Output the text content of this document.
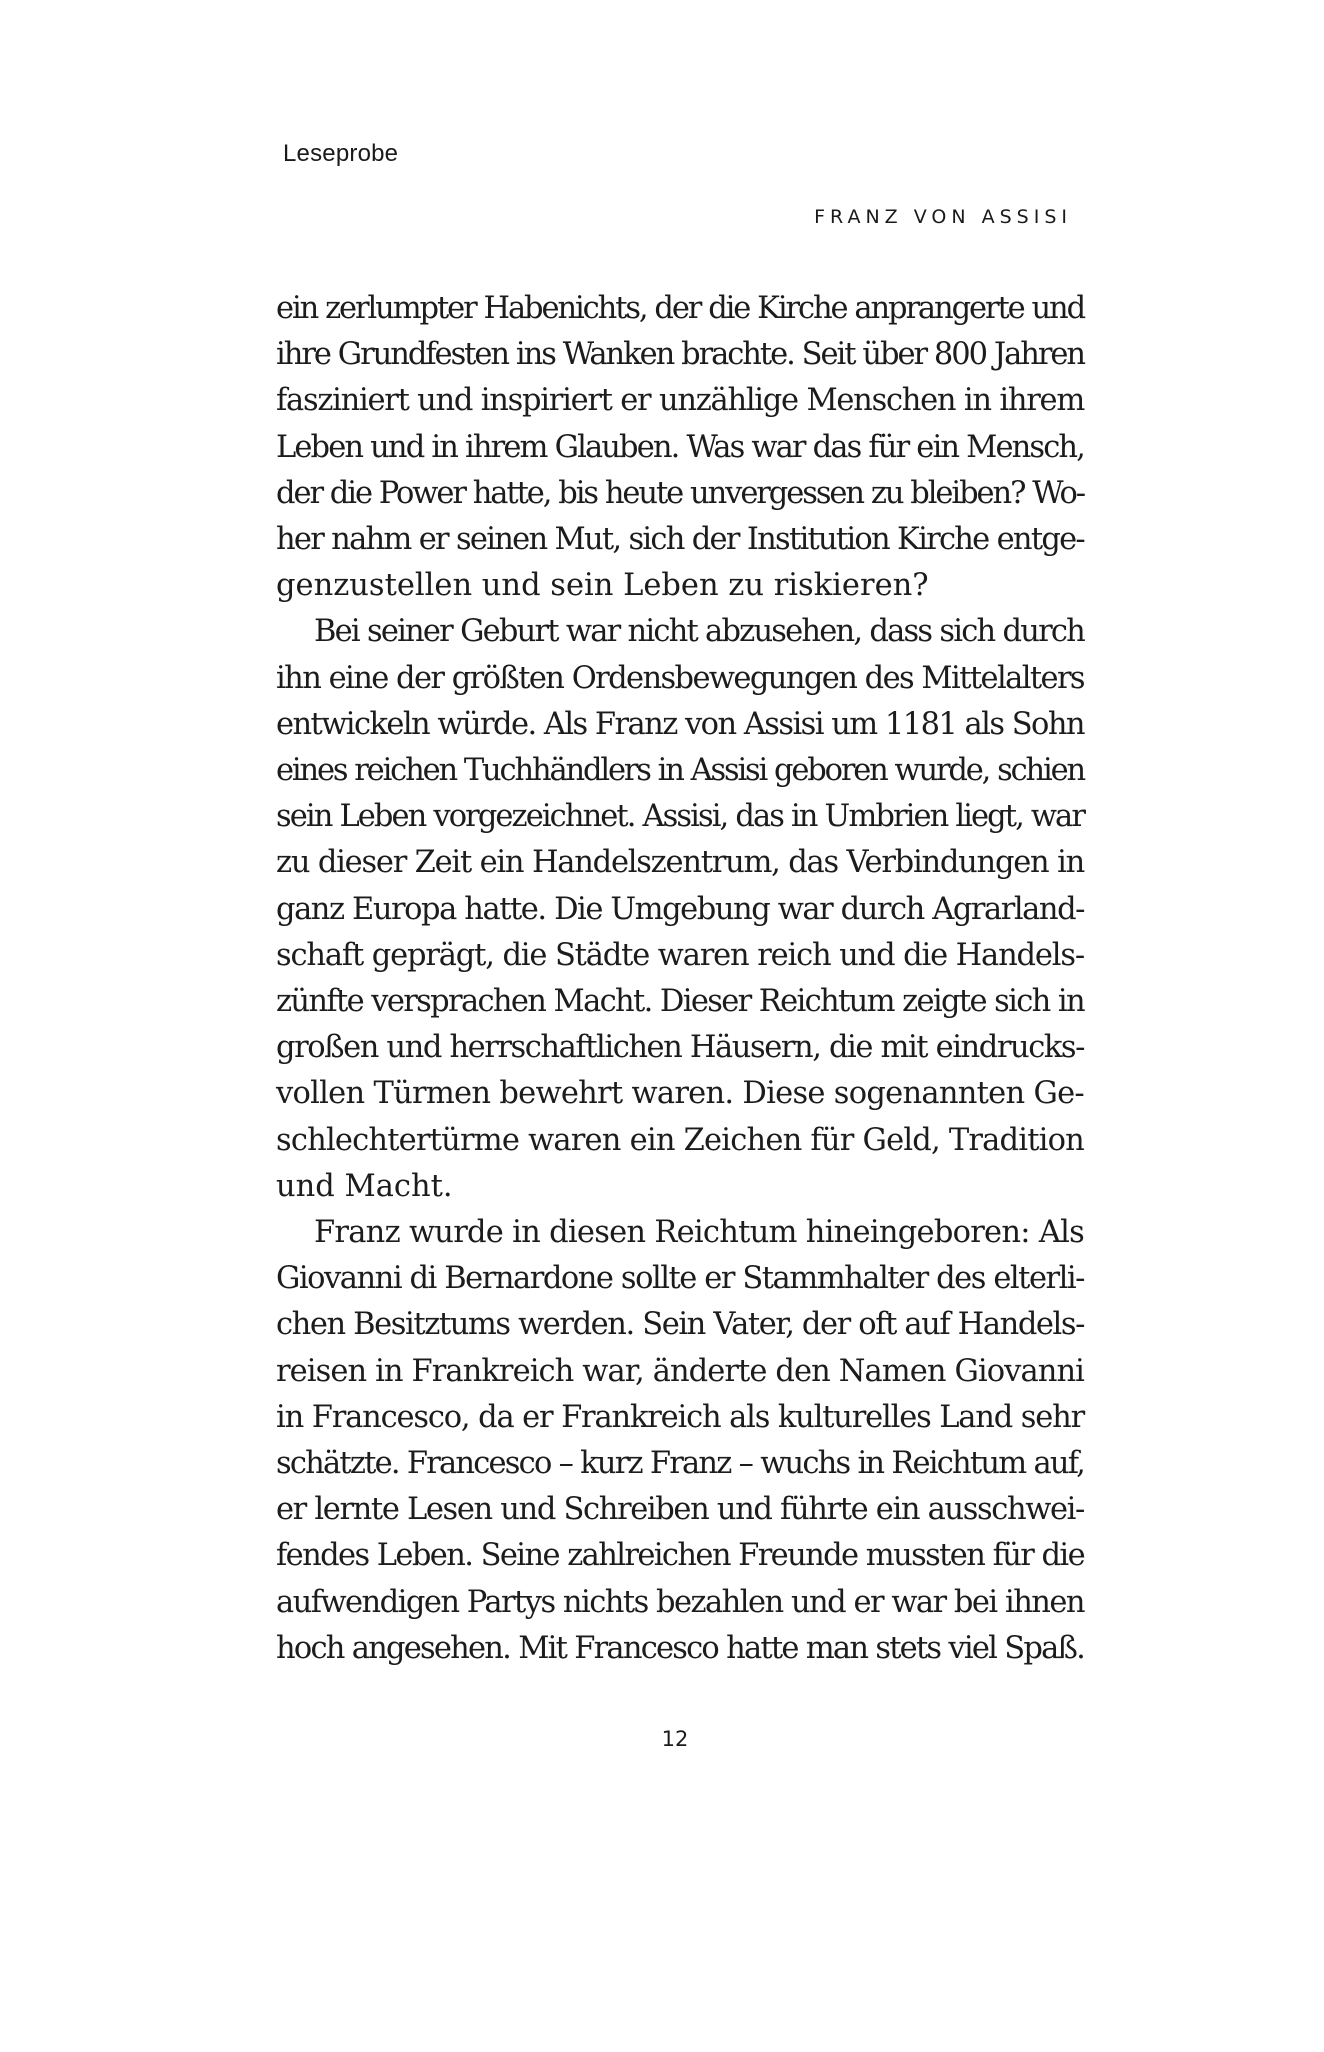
Leseprobe
FRANZ VON ASSISI
ein zerlumpter Habenichts, der die Kirche anprangerte und
ihre Grundfesten ins Wanken brachte. Seit über 800 Jahren
fasziniert und inspiriert er unzählige Menschen in ihrem
Leben und in ihrem Glauben. Was war das für ein Mensch,
der die Power hatte, bis heute unvergessen zu bleiben? Wo-
her nahm er seinen Mut, sich der Institution Kirche entge-
genzustellen und sein Leben zu riskieren?
Bei seiner Geburt war nicht abzusehen, dass sich durch
ihn eine der größten Ordensbewegungen des Mittelalters
entwickeln würde. Als Franz von Assisi um 1181 als Sohn
eines reichen Tuchhändlers in Assisi geboren wurde, schien
sein Leben vorgezeichnet. Assisi, das in Umbrien liegt, war
zu dieser Zeit ein Handelszentrum, das Verbindungen in
ganz Europa hatte. Die Umgebung war durch Agrarland-
schaft geprägt, die Städte waren reich und die Handels-
zünfte versprachen Macht. Dieser Reichtum zeigte sich in
großen und herrschaftlichen Häusern, die mit eindrucks-
vollen Türmen bewehrt waren. Diese sogenannten Ge-
schlechtertürme waren ein Zeichen für Geld, Tradition
und Macht.
Franz wurde in diesen Reichtum hineingeboren: Als
Giovanni di Bernardone sollte er Stammhalter des elterli-
chen Besitztums werden. Sein Vater, der oft auf Handels-
reisen in Frankreich war, änderte den Namen Giovanni
in Francesco, da er Frankreich als kulturelles Land sehr
schätzte. Francesco – kurz Franz – wuchs in Reichtum auf,
er lernte Lesen und Schreiben und führte ein ausschwei-
fendes Leben. Seine zahlreichen Freunde mussten für die
aufwendigen Partys nichts bezahlen und er war bei ihnen
hoch angesehen. Mit Francesco hatte man stets viel Spaß.
12
